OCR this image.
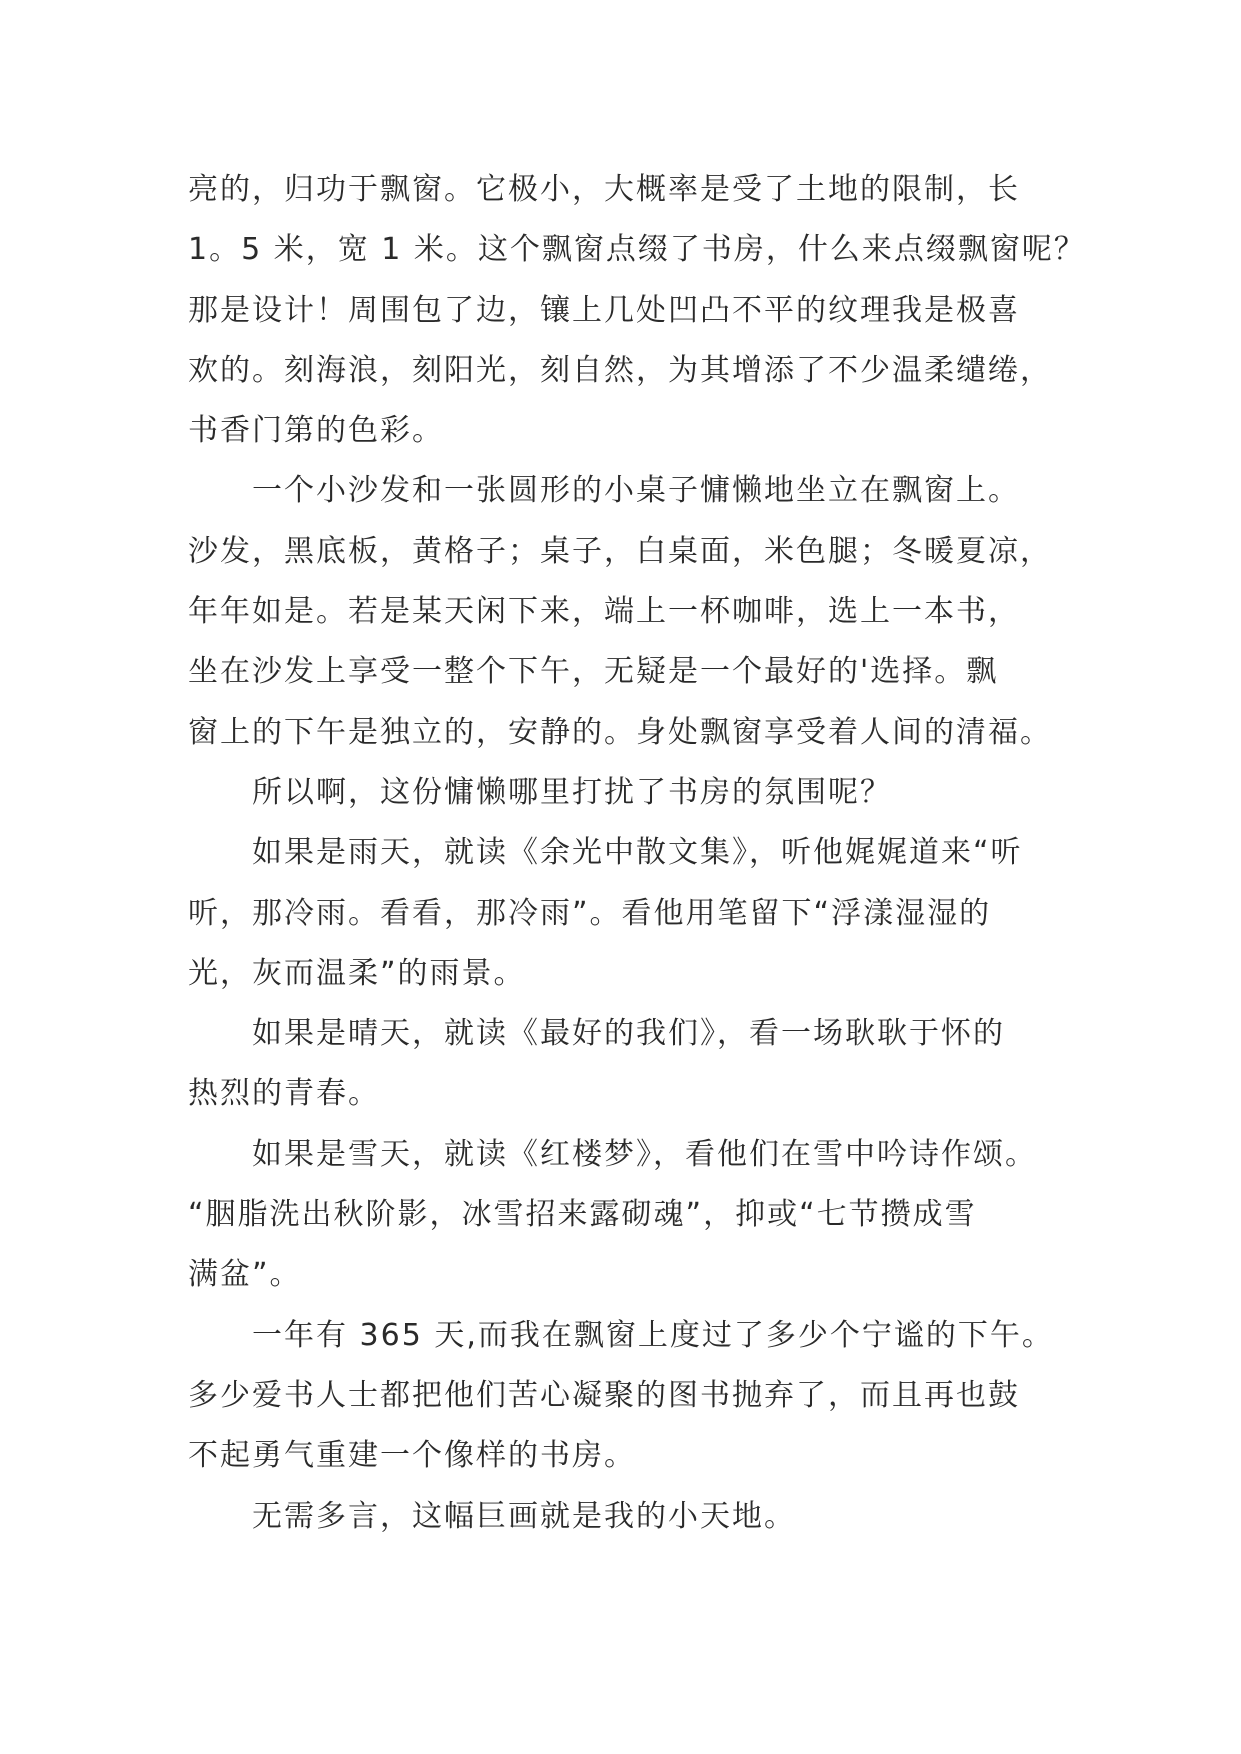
亮的，归功于飘窗。它极小，大概率是受了土地的限制，长
1。5 米，宽 1 米。这个飘窗点缀了书房，什么来点缀飘窗呢？
那是设计！周围包了边，镶上几处凹凸不平的纹理我是极喜
欢的。刻海浪，刻阳光，刻自然，为其增添了不少温柔缱绻，
书香门第的色彩。
一个小沙发和一张圆形的小桌子慵懒地坐立在飘窗上。
沙发，黑底板，黄格子；桌子，白桌面，米色腿；冬暖夏凉，
年年如是。若是某天闲下来，端上一杯咖啡，选上一本书，
坐在沙发上享受一整个下午，无疑是一个最好的'选择。飘
窗上的下午是独立的，安静的。身处飘窗享受着人间的清福。
所以啊，这份慵懒哪里打扰了书房的氛围呢？
如果是雨天，就读《余光中散文集》，听他娓娓道来“听
听，那冷雨。看看，那冷雨”。看他用笔留下“浮漾湿湿的
光，灰而温柔”的雨景。
如果是晴天，就读《最好的我们》，看一场耿耿于怀的
热烈的青春。
如果是雪天，就读《红楼梦》，看他们在雪中吟诗作颂。
“胭脂洗出秋阶影，冰雪招来露砌魂”，抑或“七节攒成雪
满盆”。
一年有 365 天,而我在飘窗上度过了多少个宁谧的下午。
多少爱书人士都把他们苦心凝聚的图书抛弃了，而且再也鼓
不起勇气重建一个像样的书房。
无需多言，这幅巨画就是我的小天地。
